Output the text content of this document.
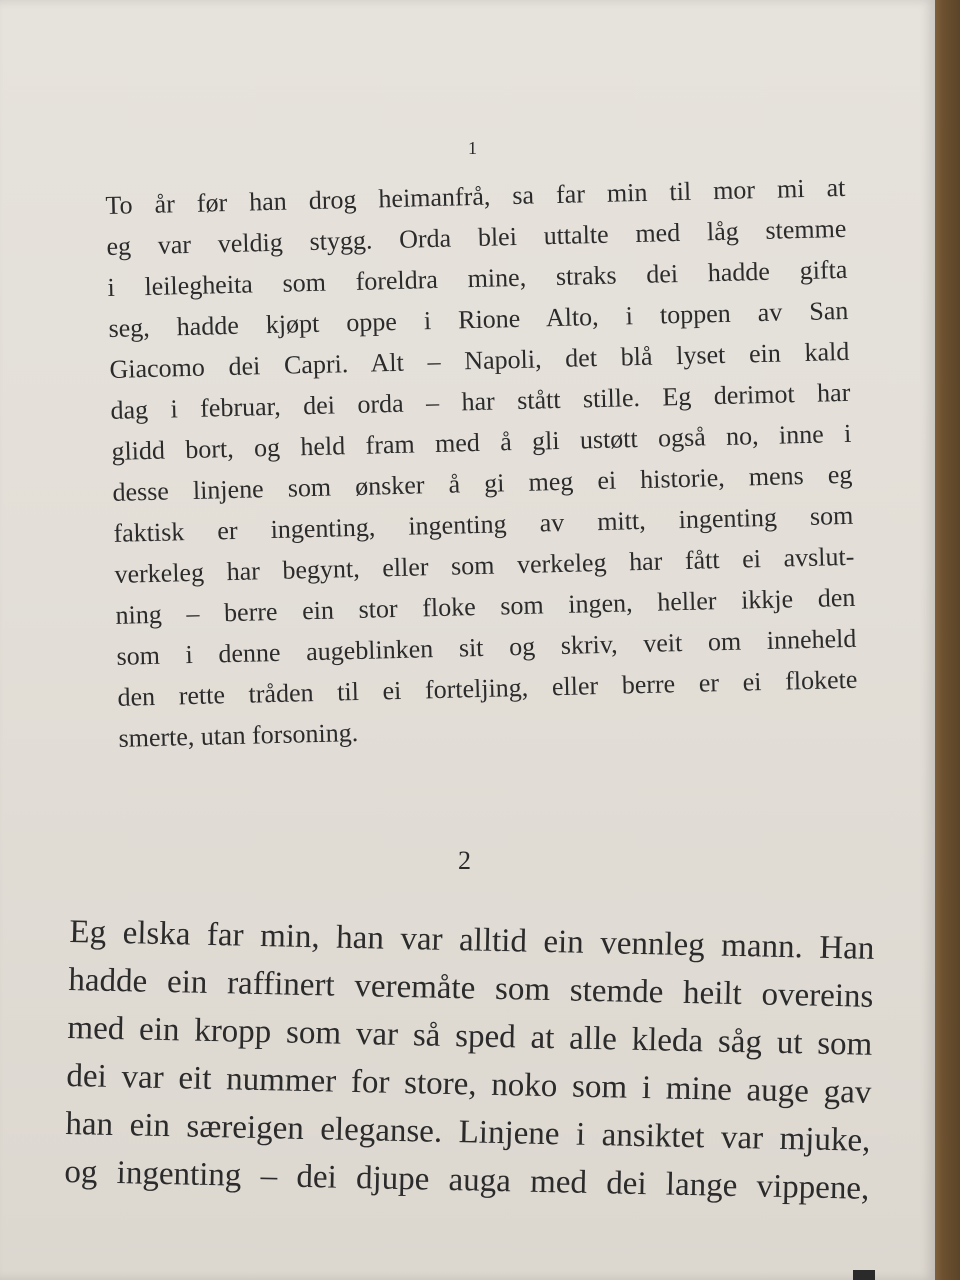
1
To år før han drog heimanfrå, sa far min til mor mi at
eg var veldig stygg. Orda blei uttalte med låg stemme
i leilegheita som foreldra mine, straks dei hadde gifta
seg, hadde kjøpt oppe i Rione Alto, i toppen av San
Giacomo dei Capri. Alt – Napoli, det blå lyset ein kald
dag i februar, dei orda – har stått stille. Eg derimot har
glidd bort, og held fram med å gli ustøtt også no, inne i
desse linjene som ønsker å gi meg ei historie, mens eg
faktisk er ingenting, ingenting av mitt, ingenting som
verkeleg har begynt, eller som verkeleg har fått ei avslut-
ning – berre ein stor floke som ingen, heller ikkje den
som i denne augeblinken sit og skriv, veit om inneheld
den rette tråden til ei forteljing, eller berre er ei flokete
smerte, utan forsoning.
2
Eg elska far min, han var alltid ein vennleg mann. Han
hadde ein raffinert veremåte som stemde heilt overeins
med ein kropp som var så sped at alle kleda såg ut som
dei var eit nummer for store, noko som i mine auge gav
han ein særeigen eleganse. Linjene i ansiktet var mjuke,
og ingenting – dei djupe auga med dei lange vippene,
